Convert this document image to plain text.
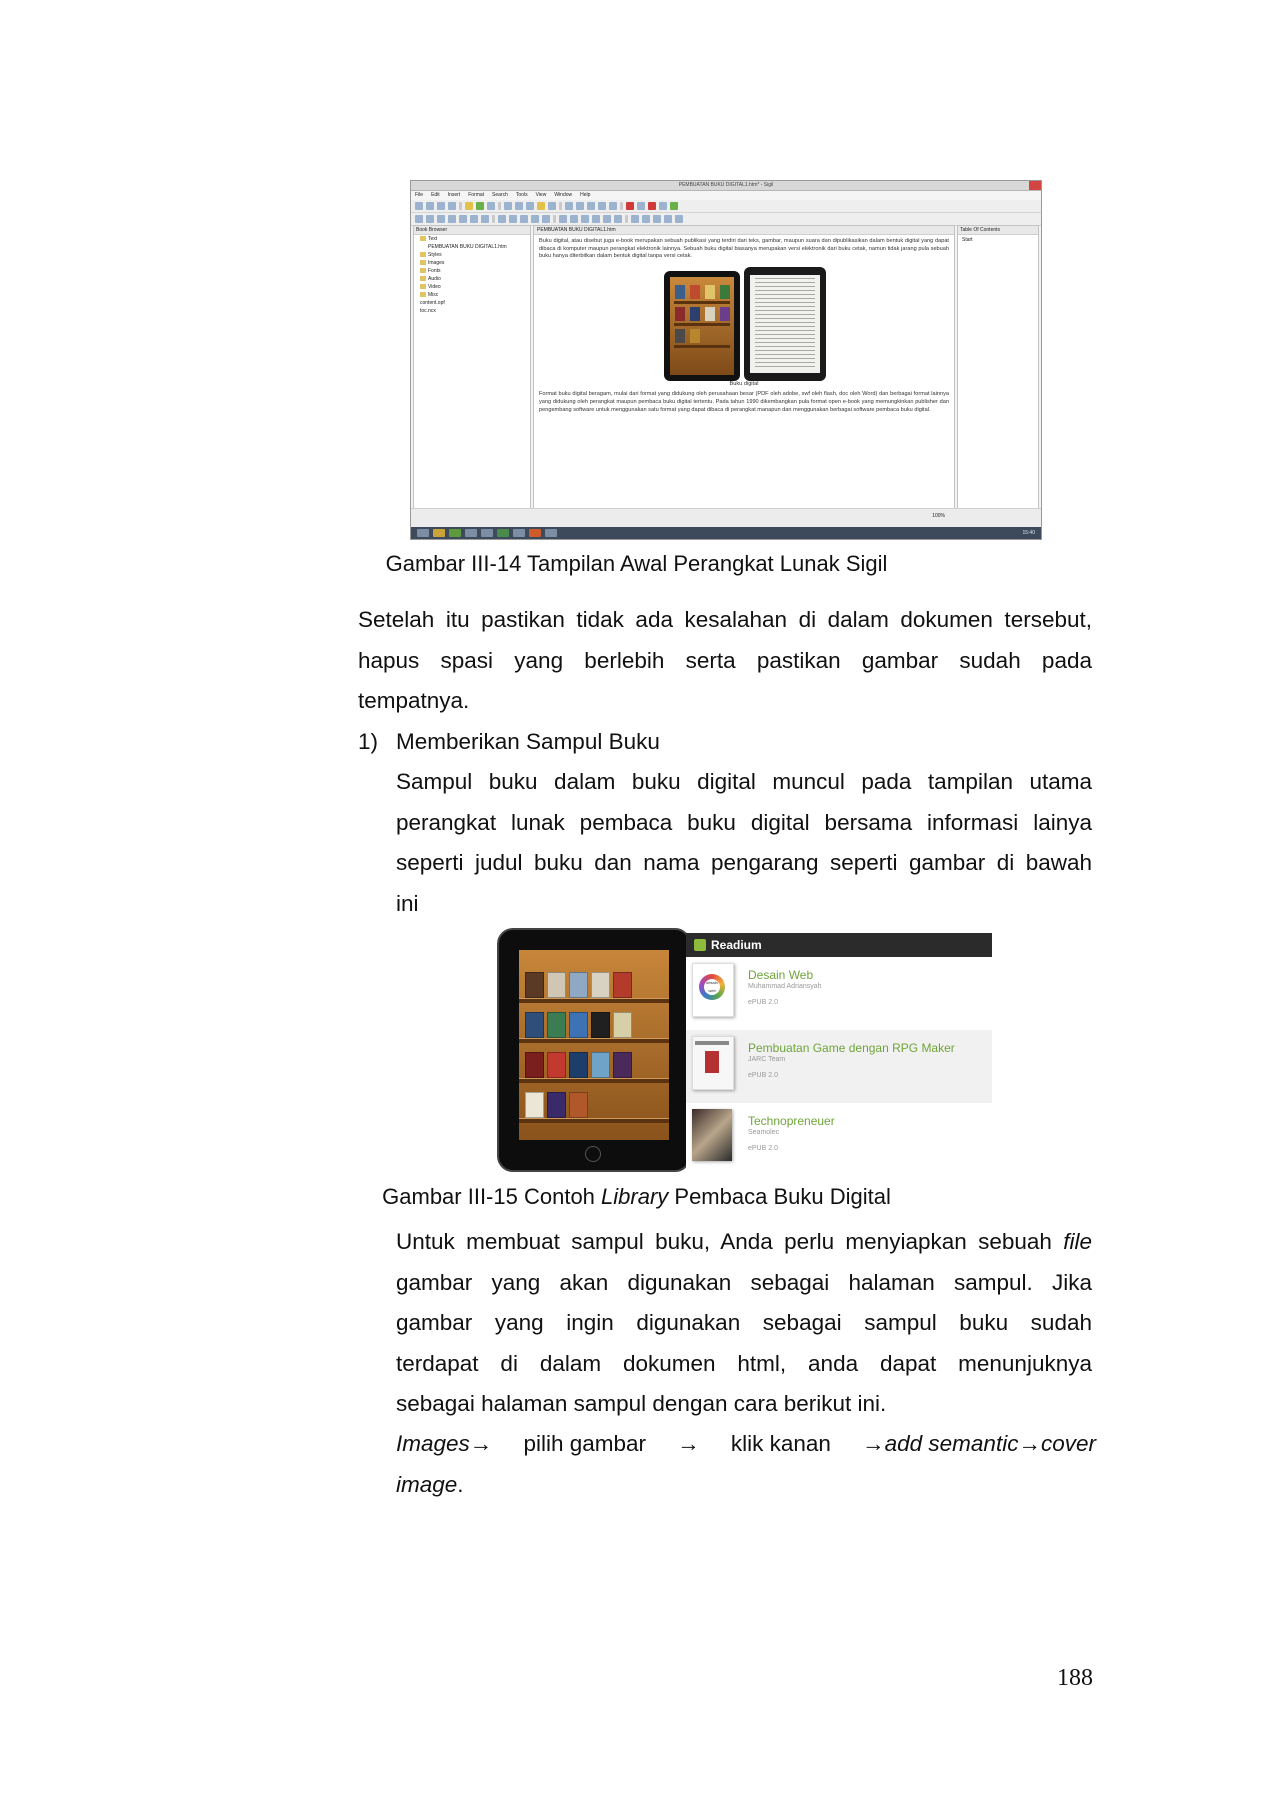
PEMBUATAN BUKU DIGITAL1.htm* - Sigil
File Edit Insert Format Search Tools View Window Help
Book Browser
Text
PEMBUATAN BUKU DIGITAL1.htm
Styles
Images
Fonts
Audio
Video
Misc
content.opf
toc.ncx
PEMBUATAN BUKU DIGITAL1.htm
Buku digital, atau disebut juga e-book merupakan sebuah publikasi yang terdiri dari teks, gambar, maupun suara dan dipublikasikan dalam bentuk digital yang dapat dibaca di komputer maupun perangkat elektronik lainnya. Sebuah buku digital biasanya merupakan versi elektronik dari buku cetak, namun tidak jarang pula sebuah buku hanya diterbitkan dalam bentuk digital tanpa versi cetak.
Buku digital
Format buku digital beragam, mulai dari format yang didukung oleh perusahaan besar (PDF oleh adobe, swf oleh flash, doc oleh Word) dan berbagai format lainnya yang didukung oleh perangkat maupun pembaca buku digital tertentu. Pada tahun 1990 dikembangkan pula format open e-book yang memungkinkan publisher dan pengembang software untuk menggunakan satu format yang dapat dibaca di perangkat manapun dan menggunakan berbagai software pembaca buku digital.
Table Of Contents
Start
100%
15:40
Gambar III-14 Tampilan Awal Perangkat Lunak Sigil
Setelah itu pastikan tidak ada kesalahan di dalam dokumen tersebut,
hapus spasi yang berlebih serta pastikan gambar sudah pada
tempatnya.
1) Memberikan Sampul Buku
Sampul buku dalam buku digital muncul pada tampilan utama
perangkat lunak pembaca buku digital bersama informasi lainya
seperti judul buku dan nama pengarang seperti gambar di bawah
ini
Readium
desain web
Desain Web
Muhammad Adriansyah
ePUB 2.0
Pembuatan Game dengan RPG Maker
JARC Team
ePUB 2.0
Technopreneuer
Seamolec
ePUB 2.0
Gambar III-15 Contoh Library Pembaca Buku Digital
Untuk membuat sampul buku, Anda perlu menyiapkan sebuah file
gambar yang akan digunakan sebagai halaman sampul. Jika
gambar yang ingin digunakan sebagai sampul buku sudah
terdapat di dalam dokumen html, anda dapat menunjuknya
sebagai halaman sampul dengan cara berikut ini.
Images→ pilih gambar → klik kanan →add semantic→cover
image.
188
